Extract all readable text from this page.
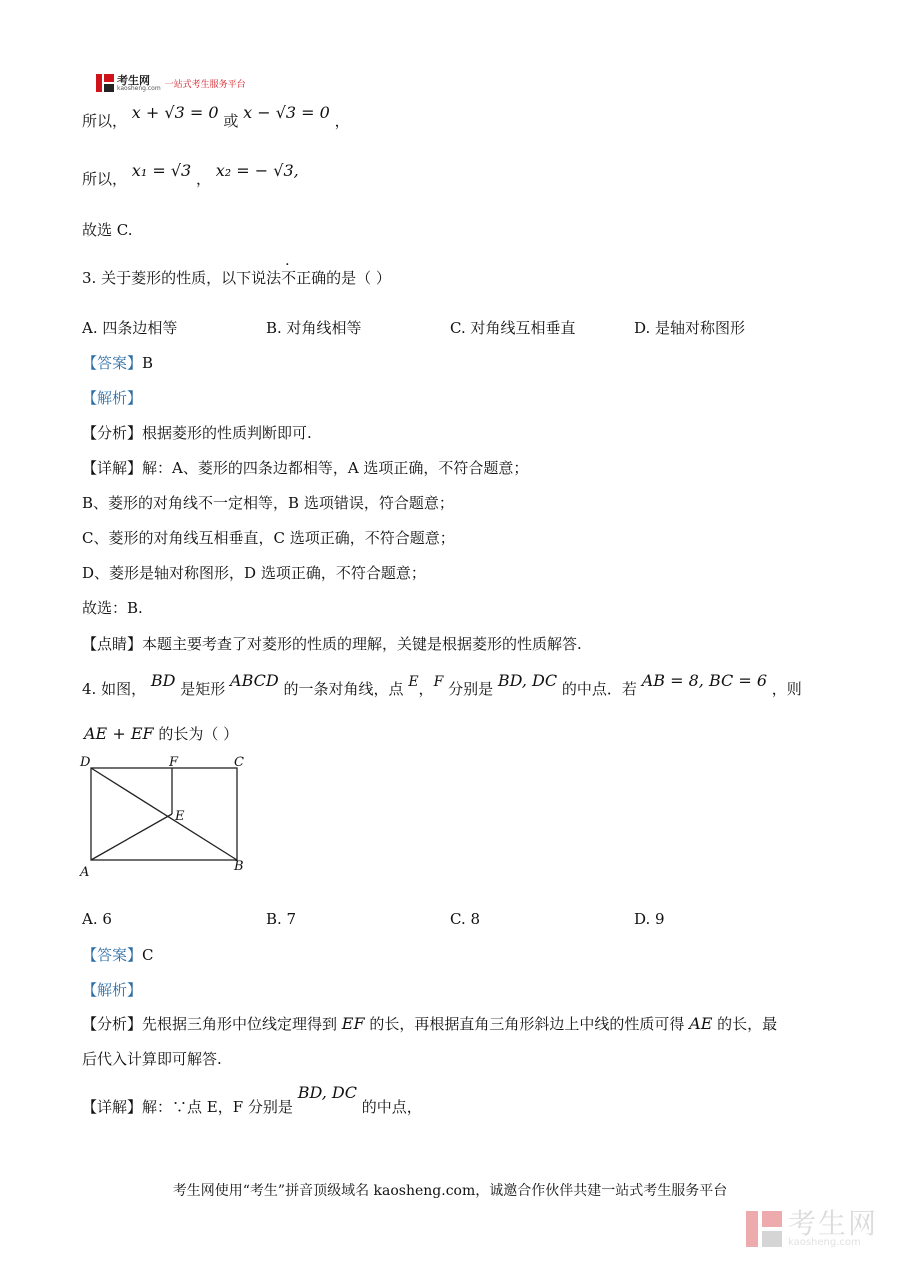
考生网
kaosheng.com 一站式考生服务平台
所以， x + √3 = 0 或 x − √3 = 0 ，
所以， x₁ = √3 ， x₂ = − √3,
故选 C.
3. 关于菱形的性质，以下说法不正确的是（ ）
A. 四条边相等	B. 对角线相等	C. 对角线互相垂直	D. 是轴对称图形
【答案】B
【解析】
【分析】根据菱形的性质判断即可.
【详解】解：A、菱形的四条边都相等，A 选项正确，不符合题意；
B、菱形的对角线不一定相等，B 选项错误，符合题意；
C、菱形的对角线互相垂直，C 选项正确，不符合题意；
D、菱形是轴对称图形，D 选项正确，不符合题意；
故选：B.
【点睛】本题主要考查了对菱形的性质的理解，关键是根据菱形的性质解答.
4. 如图， BD 是矩形 ABCD 的一条对角线，点 E，F 分别是 BD, DC 的中点．若 AB = 8, BC = 6 ，则
AE + EF 的长为（ ）
D	F	C
E
A	B
A. 6	B. 7	C. 8	D. 9
【答案】C
【解析】
【分析】先根据三角形中位线定理得到 EF 的长，再根据直角三角形斜边上中线的性质可得 AE 的长，最
后代入计算即可解答.
【详解】解：∵点 E，F 分别是 BD, DC 的中点，
考生网使用“考生”拼音顶级域名 kaosheng.com，诚邀合作伙伴共建一站式考生服务平台
考生网
kaosheng.com
